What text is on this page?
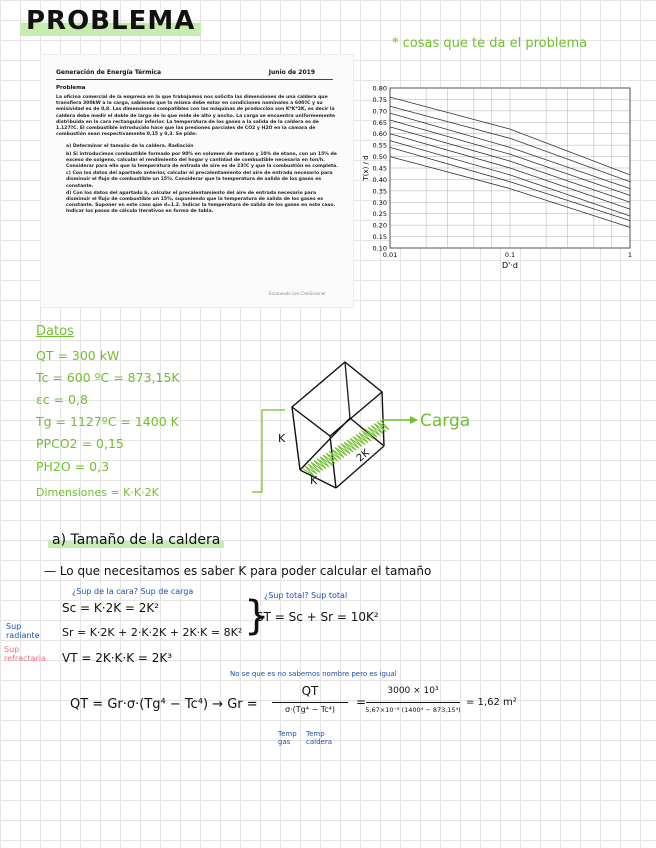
PROBLEMA
* cosas que te da el problema
Generación de Energía Térmica	Junio de 2019
Problema
La oficina comercial de la empresa en la que trabajamos nos solicita las dimensiones de una caldera que transfiera 300kW a la carga, sabiendo que la misma debe estar en condiciones nominales a 600ºC y su emisividad es de 0,8. Las dimensiones compatibles con las máquinas de producción son K*K*2K, es decir la caldera debe medir el doble de largo de lo que mide de alto y ancho. La carga se encuentra uniformemente distribuida en la cara rectangular inferior. La temperatura de los gases a la salida de la caldera es de 1.127ºC. El combustible introducido hace que las presiones parciales de CO2 y H2O en la cámara de combustión sean respectivamente 0,15 y 0,3. Se pide:
a) Determinar el tamaño de la caldera. Radiación
b) Si introducimos combustible formado por 90% en volumen de metano y 10% de etano, con un 15% de exceso de oxígeno, calcular el rendimiento del hogar y cantidad de combustible necesaria en ton/h. Considerar para ello que la temperatura de entrada de aire es de 23ºC y que la combustión es completa.
c) Con los datos del apartado anterior, calcular el precalentamiento del aire de entrada necesario para disminuir el flujo de combustible un 15%. Considerar que la temperatura de salida de los gases es constante.
d) Con los datos del apartado b, calcular el precalentamiento del aire de entrada necesario para disminuir el flujo de combustible un 15%, suponiendo que la temperatura de salida de los gases es constante. Suponer en este caso que d=1.2. Indicar la temperatura de salida de los gases en este caso. Indicar los pasos de cálculo iterativos en forma de tabla.
Escaneado con CamScanner
0.80
0.75
0.70
0.65
0.60
0.55
0.50
0.45
0.40
0.35
0.30
0.25
0.20
0.15
0.10
0.01	0.1	1
D'·d
T(x) / d
Datos
QT = 300 kW
Tc = 600 ºC = 873,15K
εc = 0,8
Tg = 1127ºC = 1400 K
PPCO2 = 0,15
PH2O = 0,3
Dimensiones = K·K·2K
Carga
K
K
2K
a) Tamaño de la caldera
— Lo que necesitamos es saber K para poder calcular el tamaño
¿Sup de la cara? Sup de carga
Sc = K·2K = 2K²
Sr = K·2K + 2·K·2K + 2K·K = 8K²
VT = 2K·K·K = 2K³
Sup radiante
Sup refractaria
}
¿Sup total? Sup total
ST = Sc + Sr = 10K²
No se que es no sabemos nombre pero es igual
QT = Gr·σ·(Tg⁴ − Tc⁴) → Gr =
QT
σ·(Tg⁴ − Tc⁴)
=
3000 × 10³
5,67×10⁻⁸ (1400⁴ − 873,15⁴)
= 1,62 m²
Temp gas
Temp caldera
